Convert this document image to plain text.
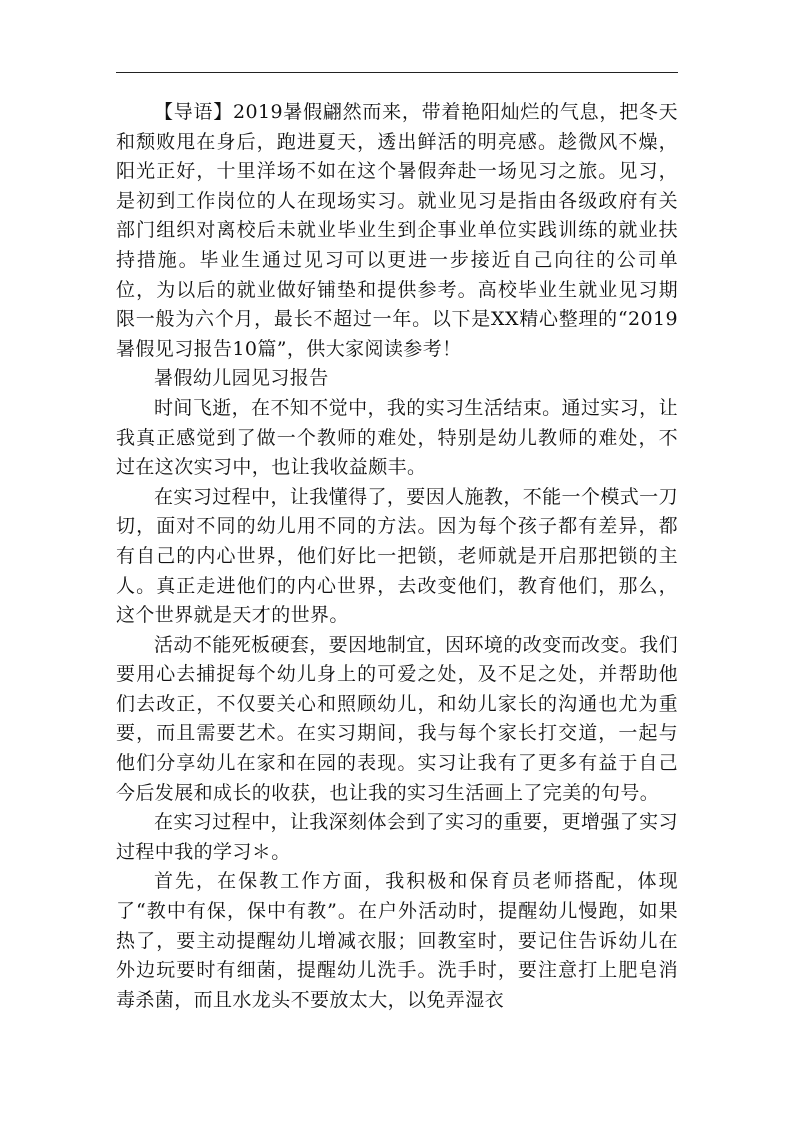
【导语】2019暑假翩然而来，带着艳阳灿烂的气息，把冬天和颓败甩在身后，跑进夏天，透出鲜活的明亮感。趁微风不燥，阳光正好，十里洋场不如在这个暑假奔赴一场见习之旅。见习，是初到工作岗位的人在现场实习。就业见习是指由各级政府有关部门组织对离校后未就业毕业生到企事业单位实践训练的就业扶持措施。毕业生通过见习可以更进一步接近自己向往的公司单位，为以后的就业做好铺垫和提供参考。高校毕业生就业见习期限一般为六个月，最长不超过一年。以下是XX精心整理的“2019暑假见习报告10篇”，供大家阅读参考！

暑假幼儿园见习报告

时间飞逝，在不知不觉中，我的实习生活结束。通过实习，让我真正感觉到了做一个教师的难处，特别是幼儿教师的难处，不过在这次实习中，也让我收益颇丰。

在实习过程中，让我懂得了，要因人施教，不能一个模式一刀切，面对不同的幼儿用不同的方法。因为每个孩子都有差异，都有自己的内心世界，他们好比一把锁，老师就是开启那把锁的主人。真正走进他们的内心世界，去改变他们，教育他们，那么，这个世界就是天才的世界。

活动不能死板硬套，要因地制宜，因环境的改变而改变。我们要用心去捕捉每个幼儿身上的可爱之处，及不足之处，并帮助他们去改正，不仅要关心和照顾幼儿，和幼儿家长的沟通也尤为重要，而且需要艺术。在实习期间，我与每个家长打交道，一起与他们分享幼儿在家和在园的表现。实习让我有了更多有益于自己今后发展和成长的收获，也让我的实习生活画上了完美的句号。

在实习过程中，让我深刻体会到了实习的重要，更增强了实习过程中我的学习＊。

首先，在保教工作方面，我积极和保育员老师搭配，体现了“教中有保，保中有教”。在户外活动时，提醒幼儿慢跑，如果热了，要主动提醒幼儿增减衣服；回教室时，要记住告诉幼儿在外边玩要时有细菌，提醒幼儿洗手。洗手时，要注意打上肥皂消毒杀菌，而且水龙头不要放太大，以免弄湿衣
